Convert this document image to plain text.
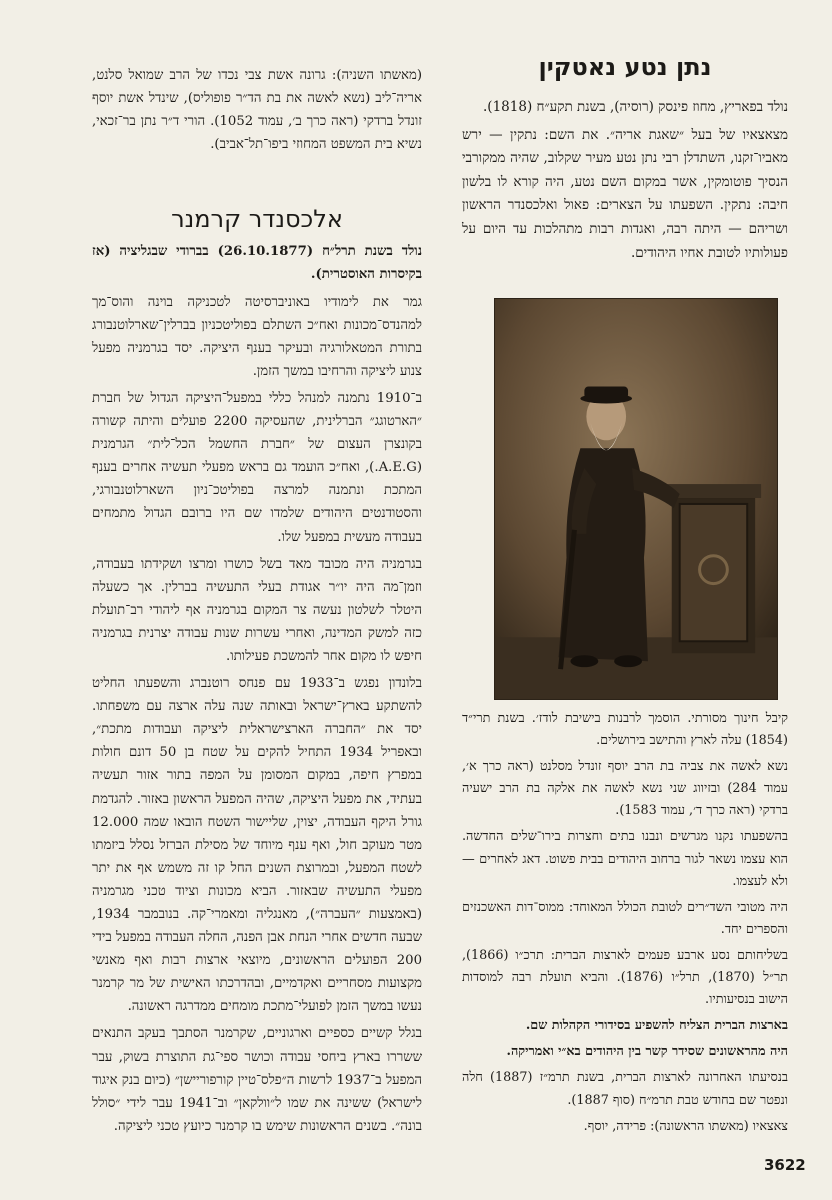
נתן נטע נאטקין

נולד בפאריץ, מחוז פינסק (רוסיה), בשנת תקע״ח (1818).

מצאצאיו של בעל ״שאגת אריה״. את השם: נתקין — ירש מאביו־זקנו, השתדלן רבי נתן נטע מעיר שקלוב, שהיה ממקורבי הנסיך פוטומקין, אשר במקום השם נטע, היה קורא לו בלשון חיבה: נתקין. השפעתו על הצארים: פאול ואלכסנדר הראשון ושריהם — היתה רבה, ואגדות רבות מתהלכות עד היום על פעולותיו לטובת אחיו היהודים.

קיבל חינוך מסורתי. הוסמך לרבנות בישיבת לודז׳. בשנת תרי״ד (1854) עלה לארץ והתישב בירושלים.

נשא לאשה את צביה בת הרב יוסף זונדל מסלנט (ראה כרך א׳, עמוד 284) ובזיווג שני נשא לאשה את אלקה בת הרב ישעיה ברדקי (ראה כרך ד׳, עמוד 1583).

בהשפעתו נקנו מגרשים ונבנו בתים וחצרות בירו־שלים החדשה. הוא עצמו נשאר לגור ברחוב היהודים בבית פשוט. דאג לאחרים — ולא לעצמו.

היה מטובי השד״רים לטובת הכולל המאוחד: ממוס־דות האשכנזים והספרים יחד.

בשליחותם נסע ארבע פעמים לארצות הברית: תרכ״ו (1866), תר״ל (1870), תרל״ו (1876). והביא תועלת רבה למוסדות הישוב בנסיעותיו.

בארצות הברית הצליח להשפיע בסידורי הקהלות שם.

היה מהראשונים שסידר קשר בין היהודים בא״י ואמריקה.

בנסיעתו האחרונה לארצות הברית, בשנת תרמ״ז (1887) חלה ונפטר שם בחודש טבת תרמ״ח (סוף 1887).

צאצאיו (מאשתו הראשונה): פרידה, יוסף.

(מאשתו השניה): גרונה אשת צבי נכדו של הרב שמואל סלנט, אריה־ליב (נשא לאשה את בת הד״ר פופוליס), שינדל אשת יוסף זונדל ברדקי (ראה כרך ב׳, עמוד 1052). הורי ד״ר נתן בר־זכאי, נשיא בית המשפט המחוזי ביפו־תל־אביב).

אלכסנדר קרמנר

נולד בשנת תרל״ח (26.10.1877) בברודי שבגליציה (אז בקיסרות האוסטרית).

גמר את לימודיו באוניברסיטה לטכניקה בוינה והוס־מך למהנדס־מכונות ואח״כ השתלם בפוליטכניון בברלין־שארלוטנבורג בתורת המטאלורגיה ובעיקר בענף היציקה. יסד בגרמניה מפעל צנוע ליציקה והרחיבו במשך הזמן.

ב־1910 נתמנה למנהל כללי במפעל־היציקה הגדול של חברת ״הארטוגג״ הברלינית, שהעסיקה 2200 פועלים והיתה קשורה בקונצרן העצום של ״חברת החשמל הכל־לית״ הגרמנית (A.E.G.), ואח״כ הועמד גם בראש מפעלי תעשיה אחרים בענף המתכת ונתמנה למרצה בפוליטכ־ניון השארלוטנבורגי, והסטודנטים היהודים שלמדו שם היו ברובם הגדול מתמחים בעבודה מעשית במפעל שלו.

בגרמניה היה מכובד מאד בשל כושרו ומרצו ושקידתו בעבודה, וזמן־מה היה יו״ר אגודת בעלי התעשיה בברלין. אך כשעלה היטלר לשלטון נעשה צר המקום בגרמניה אף ליהודי רב־תועלת כזה למשק המדינה, ואחרי עשרות שנות עבודה יצרנית בגרמניה חיפש לו מקום אחר להמשכת פעילותו.

בלונדון נפגש ב־1933 עם פנחס רוטנברג והשפעתו החליט להשתקע בארץ־ישראל ובאותה שנה עלה ארצה עם משפחתו. יסד את ״החברה הארצישראלית ליציקה ועבודות מתכת״, ובאפריל 1934 התחיל להקים על שטח בן 50 דונם חולות במפרץ חיפה, במקום המסומן על המפה בתור אזור תעשיה בעתיד, את מפעל היציקה, שהיה המפעל הראשון באזור. להגדמת גורל היקף העבודה, יצוין, שליישור השטח הובאו שמה 12.000 מטר מעוקב חול, ואף ענף מיוחד של מסילת הברזל נסלל ביזמתו לשטח המפעל, ובמרוצת השנים החל קו זה משמש אף את יתר מפעלי התעשיה שבאזור. הביא מכונות וציוד טכני מגרמניה (באמצעות ״העברה״), מאנגליה ומאמרי־קה. בנובמבר 1934, שבעה חדשים אחרי הנחת אבן הפנה, החלה העבודה במפעל בידי 200 הפועלים הראשונים, מיוצאי ארצות רבות ואף מאנשי מקצועות מסחריים ואקדמיים, ובהדרכתו האישית של מר קרמנר נעשו במשך הזמן לפועלי־מתכת מומחים ממדרגה ראשונה.

בגלל קשיים כספיים וארגוניים, שקרמנר הסתבך בעקב התנאים ששררו בארץ ביחסי עבודה וכושר ספי־גת התוצרת בשוק, עבר המפעל ב־1937 לרשות ה״פלס־טיין קורפוריישן״ (כיום בנק איגוד לישראל) ששינה את שמו ל״וולקאן״ וב־1941 עבר לידי ״סולל בונה״. בשנים הראשונות שימש בו קרמנר כיועץ טכני ליציקה.

3622
